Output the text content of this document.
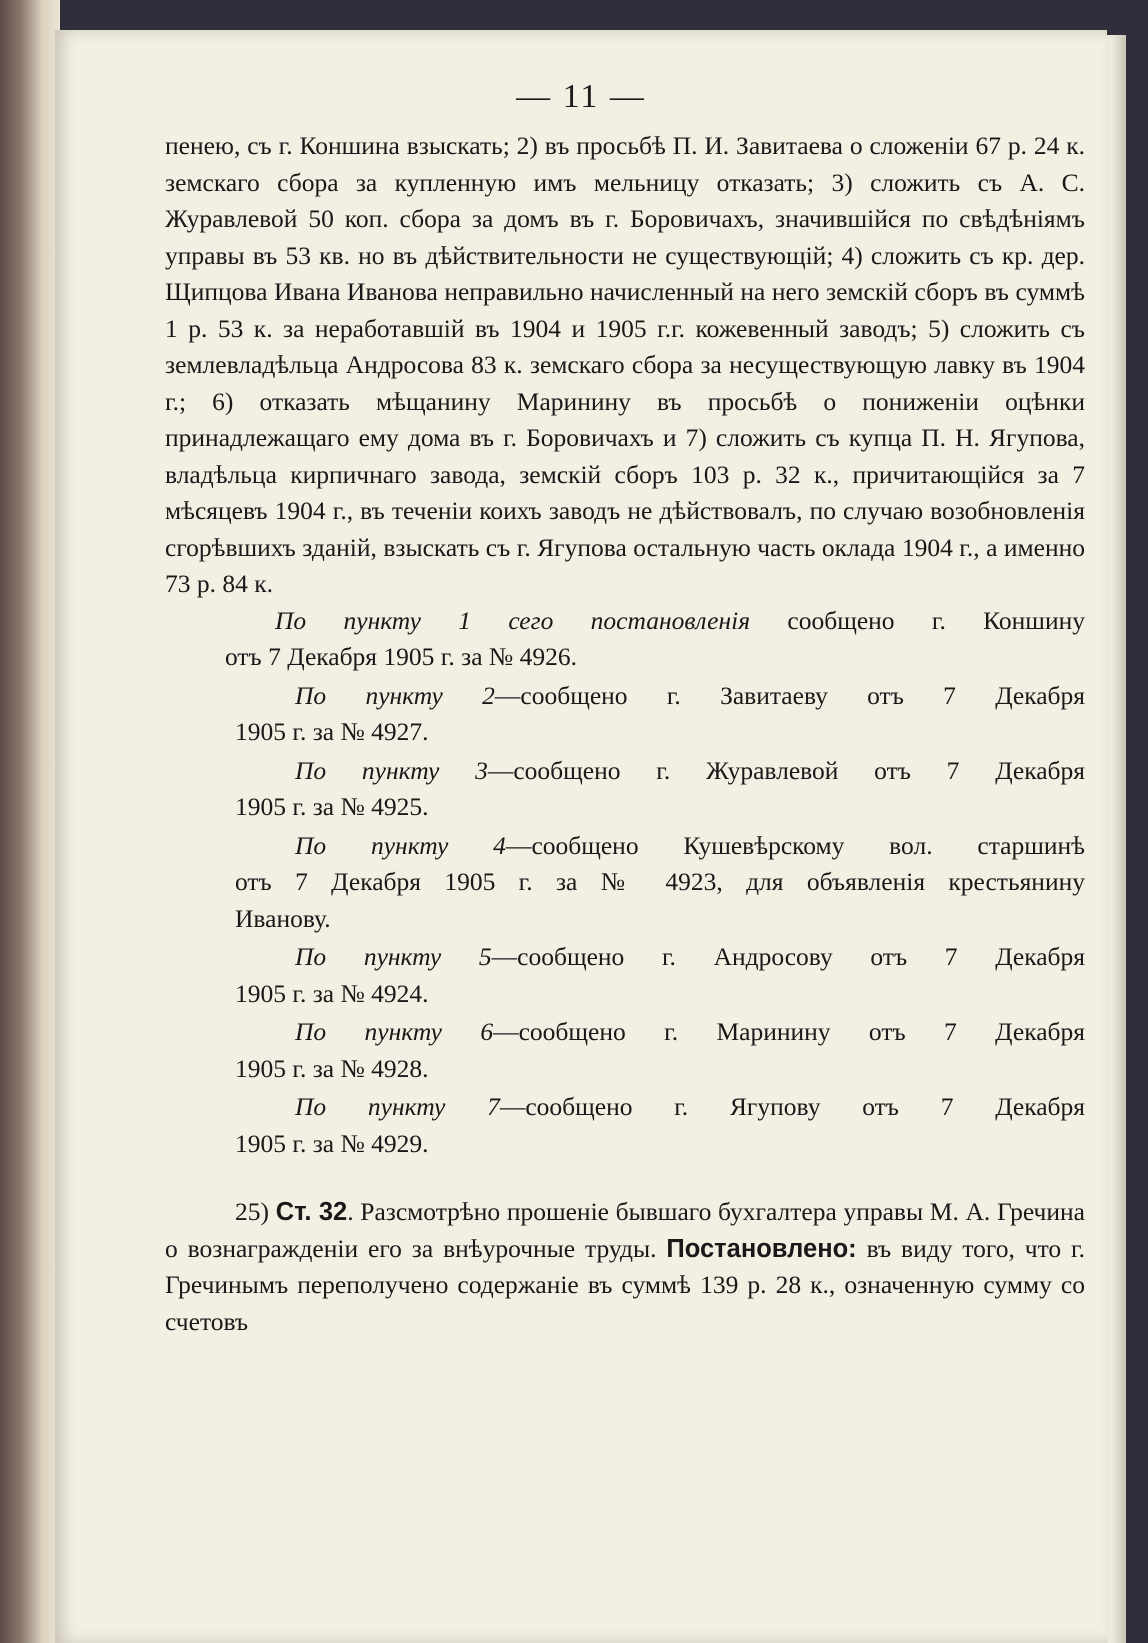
— 11 —

пенею, съ г. Коншина взыскать; 2) въ просьбѣ П. И. Завитаева о сложеніи 67 р. 24 к. земскаго сбора за купленную имъ мельницу отказать; 3) сложить съ А. С. Журавлевой 50 коп. сбора за домъ въ г. Боровичахъ, значившійся по свѣдѣніямъ управы въ 53 кв. но въ дѣйствительности не существующій; 4) сложить съ кр. дер. Щипцова Ивана Иванова неправильно начисленный на него земскій сборъ въ суммѣ 1 р. 53 к. за неработавшій въ 1904 и 1905 г.г. кожевенный заводъ; 5) сложить съ землевладѣльца Андросова 83 к. земскаго сбора за несуществующую лавку въ 1904 г.; 6) отказать мѣщанину Маринину въ просьбѣ о пониженіи оцѣнки принадлежащаго ему дома въ г. Боровичахъ и 7) сложить съ купца П. Н. Ягупова, владѣльца кирпичнаго завода, земскій сборъ 103 р. 32 к., причитающійся за 7 мѣсяцевъ 1904 г., въ теченіи коихъ заводъ не дѣйствовалъ, по случаю возобновленія сгорѣвшихъ зданій, взыскать съ г. Ягупова остальную часть оклада 1904 г., а именно 73 р. 84 к.

По пункту 1 сего постановленія сообщено г. Коншину
отъ 7 Декабря 1905 г. за № 4926.
По пункту 2—сообщено г. Завитаеву отъ 7 Декабря
1905 г. за № 4927.
По пункту 3—сообщено г. Журавлевой отъ 7 Декабря
1905 г. за № 4925.
По пункту 4—сообщено Кушевѣрскому вол. старшинѣ
отъ 7 Декабря 1905 г. за № 4923, для объявленія крестьянину
Иванову.
По пункту 5—сообщено г. Андросову отъ 7 Декабря
1905 г. за № 4924.
По пункту 6—сообщено г. Маринину отъ 7 Декабря
1905 г. за № 4928.
По пункту 7—сообщено г. Ягупову отъ 7 Декабря
1905 г. за № 4929.

25) Ст. 32. Разсмотрѣно прошеніе бывшаго бухгалтера управы М. А. Гречина о вознагражденіи его за внѣурочные труды. Постановлено: въ виду того, что г. Гречинымъ переполучено содержаніе въ суммѣ 139 р. 28 к., означенную сумму со счетовъ
